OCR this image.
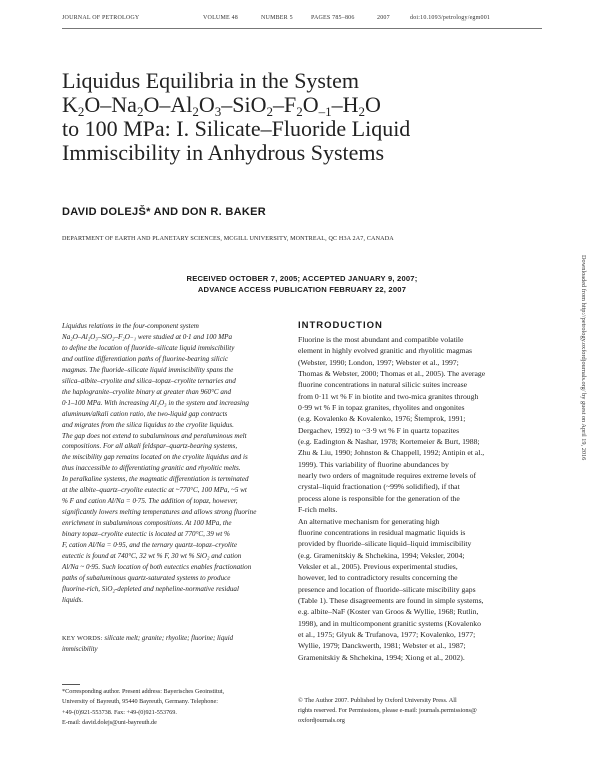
JOURNAL OF PETROLOGY	VOLUME 48	NUMBER 5	PAGES 785–806	2007	doi:10.1093/petrology/egm001
Liquidus Equilibria in the System
$K_2O-Na_2O-Al_2O_3-SiO_2-F_2O_{-1}-H_2O$
to 100 MPa: I. Silicate–Fluoride Liquid
Immiscibility in Anhydrous Systems
DAVID DOLEJŠ* AND DON R. BAKER
DEPARTMENT OF EARTH AND PLANETARY SCIENCES, MCGILL UNIVERSITY, MONTREAL, QC H3A 2A7, CANADA
RECEIVED OCTOBER 7, 2005; ACCEPTED JANUARY 9, 2007;
ADVANCE ACCESS PUBLICATION FEBRUARY 22, 2007
Liquidus relations in the four-component system
Na₂O–Al₂O₃–SiO₂–F₂O₋₁ were studied at 0·1 and 100 MPa
to define the location of fluoride–silicate liquid immiscibility
and outline differentiation paths of fluorine-bearing silicic
magmas. The fluoride–silicate liquid immiscibility spans the
silica–albite–cryolite and silica–topaz–cryolite ternaries and
the haplogranite–cryolite binary at greater than 960°C and
0·1–100 MPa. With increasing Al₂O₃ in the system and increasing
aluminum/alkali cation ratio, the two-liquid gap contracts
and migrates from the silica liquidus to the cryolite liquidus.
The gap does not extend to subaluminous and peraluminous melt
compositions. For all alkali feldspar–quartz-bearing systems,
the miscibility gap remains located on the cryolite liquidus and is
thus inaccessible to differentiating granitic and rhyolitic melts.
In peralkaline systems, the magmatic differentiation is terminated
at the albite–quartz–cryolite eutectic at ~770°C, 100 MPa, ~5 wt
% F and cation Al/Na = 0·75. The addition of topaz, however,
significantly lowers melting temperatures and allows strong fluorine
enrichment in subaluminous compositions. At 100 MPa, the
binary topaz–cryolite eutectic is located at 770°C, 39 wt %
F, cation Al/Na = 0·95, and the ternary quartz–topaz–cryolite
eutectic is found at 740°C, 32 wt % F, 30 wt % SiO₂ and cation
Al/Na ~ 0·95. Such location of both eutectics enables fractionation
paths of subaluminous quartz-saturated systems to produce
fluorine-rich, SiO₂-depleted and nepheline-normative residual
liquids.
KEY WORDS: silicate melt; granite; rhyolite; fluorine; liquid
immiscibility
*Corresponding author. Present address: Bayerisches Geoinstitut,
University of Bayreuth, 95440 Bayreuth, Germany. Telephone:
+49-(0)921-553738. Fax: +49-(0)921-553769.
E-mail: david.dolejs@uni-bayreuth.de
INTRODUCTION
Fluorine is the most abundant and compatible volatile
element in highly evolved granitic and rhyolitic magmas
(Webster, 1990; London, 1997; Webster et al., 1997;
Thomas & Webster, 2000; Thomas et al., 2005). The average
fluorine concentrations in natural silicic suites increase
from 0·11 wt % F in biotite and two-mica granites through
0·99 wt % F in topaz granites, rhyolites and ongonites
(e.g. Kovalenko & Kovalenko, 1976; Štemprok, 1991;
Dergachev, 1992) to ~3·9 wt % F in quartz topazites
(e.g. Eadington & Nashar, 1978; Kortemeier & Burt, 1988;
Zhu & Liu, 1990; Johnston & Chappell, 1992; Antipin et al.,
1999). This variability of fluorine abundances by
nearly two orders of magnitude requires extreme levels of
crystal–liquid fractionation (~99% solidified), if that
process alone is responsible for the generation of the
F-rich melts.
An alternative mechanism for generating high
fluorine concentrations in residual magmatic liquids is
provided by fluoride–silicate liquid–liquid immiscibility
(e.g. Gramenitskiy & Shchekina, 1994; Veksler, 2004;
Veksler et al., 2005). Previous experimental studies,
however, led to contradictory results concerning the
presence and location of fluoride–silicate miscibility gaps
(Table 1). These disagreements are found in simple systems,
e.g. albite–NaF (Koster van Groos & Wyllie, 1968; Rutlin,
1998), and in multicomponent granitic systems (Kovalenko
et al., 1975; Glyuk & Trufanova, 1977; Kovalenko, 1977;
Wyllie, 1979; Danckwerth, 1981; Webster et al., 1987;
Gramenitskiy & Shchekina, 1994; Xiong et al., 2002).
© The Author 2007. Published by Oxford University Press. All
rights reserved. For Permissions, please e-mail: journals.permissions@
oxfordjournals.org
Downloaded from http://petrology.oxfordjournals.org/ by guest on April 19, 2016
